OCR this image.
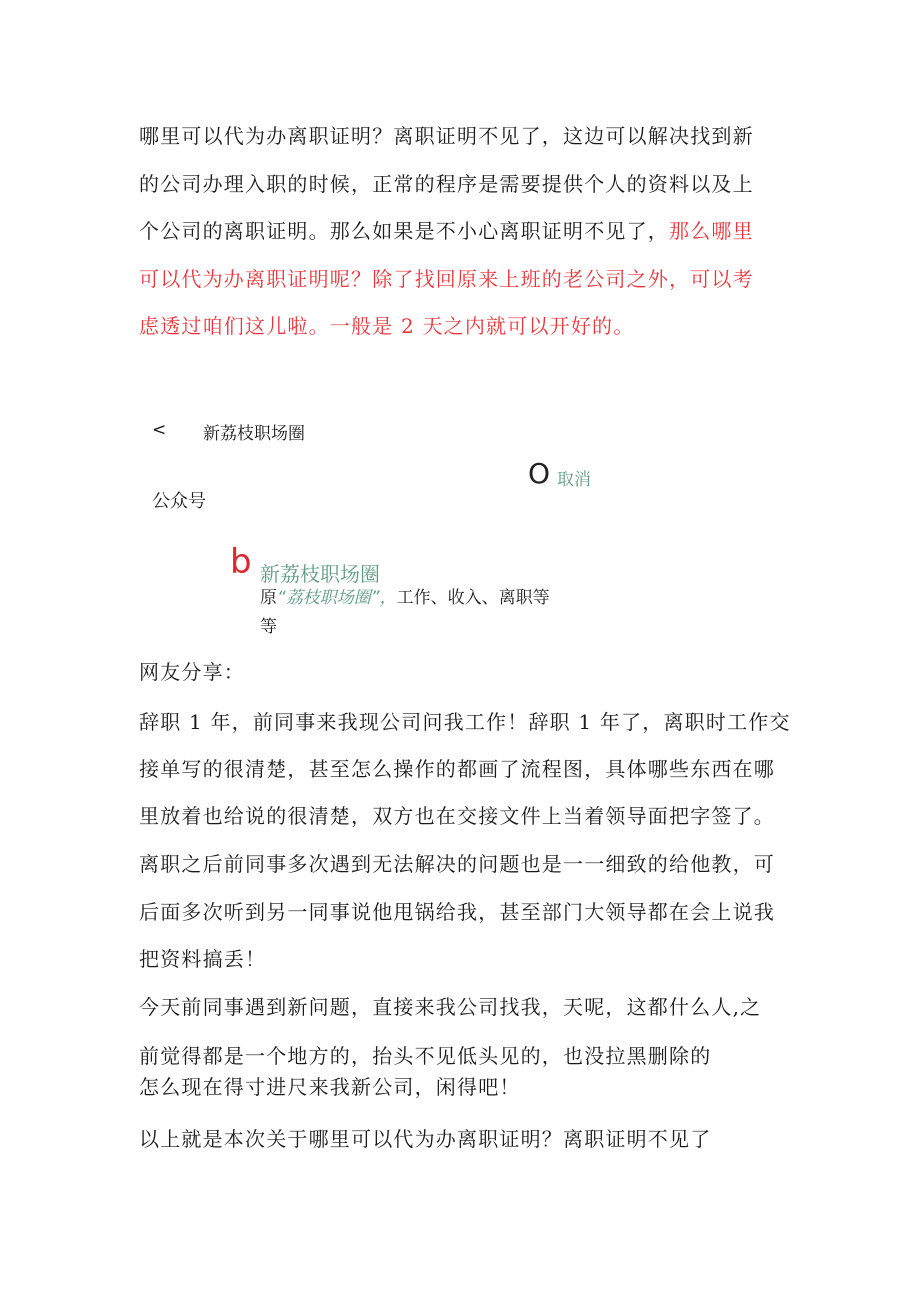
哪里可以代为办离职证明？离职证明不见了，这边可以解决找到新
的公司办理入职的时候，正常的程序是需要提供个人的资料以及上
个公司的离职证明。那么如果是不小心离职证明不见了，那么哪里
可以代为办离职证明呢？除了找回原来上班的老公司之外，可以考
虑透过咱们这儿啦。一般是 2 天之内就可以开好的。
< 新荔枝职场圈
O 取消
公众号
b 新荔枝职场圈
原“荔枝职场圈”，工作、收入、离职等
等
网友分享：
辞职 1 年，前同事来我现公司问我工作！辞职 1 年了，离职时工作交
接单写的很清楚，甚至怎么操作的都画了流程图，具体哪些东西在哪
里放着也给说的很清楚，双方也在交接文件上当着领导面把字签了。
离职之后前同事多次遇到无法解决的问题也是一一细致的给他教，可
后面多次听到另一同事说他甩锅给我，甚至部门大领导都在会上说我
把资料搞丢！
今天前同事遇到新问题，直接来我公司找我，天呢，这都什么人,之
前觉得都是一个地方的，抬头不见低头见的，也没拉黑删除的
怎么现在得寸进尺来我新公司，闲得吧！
以上就是本次关于哪里可以代为办离职证明？离职证明不见了
